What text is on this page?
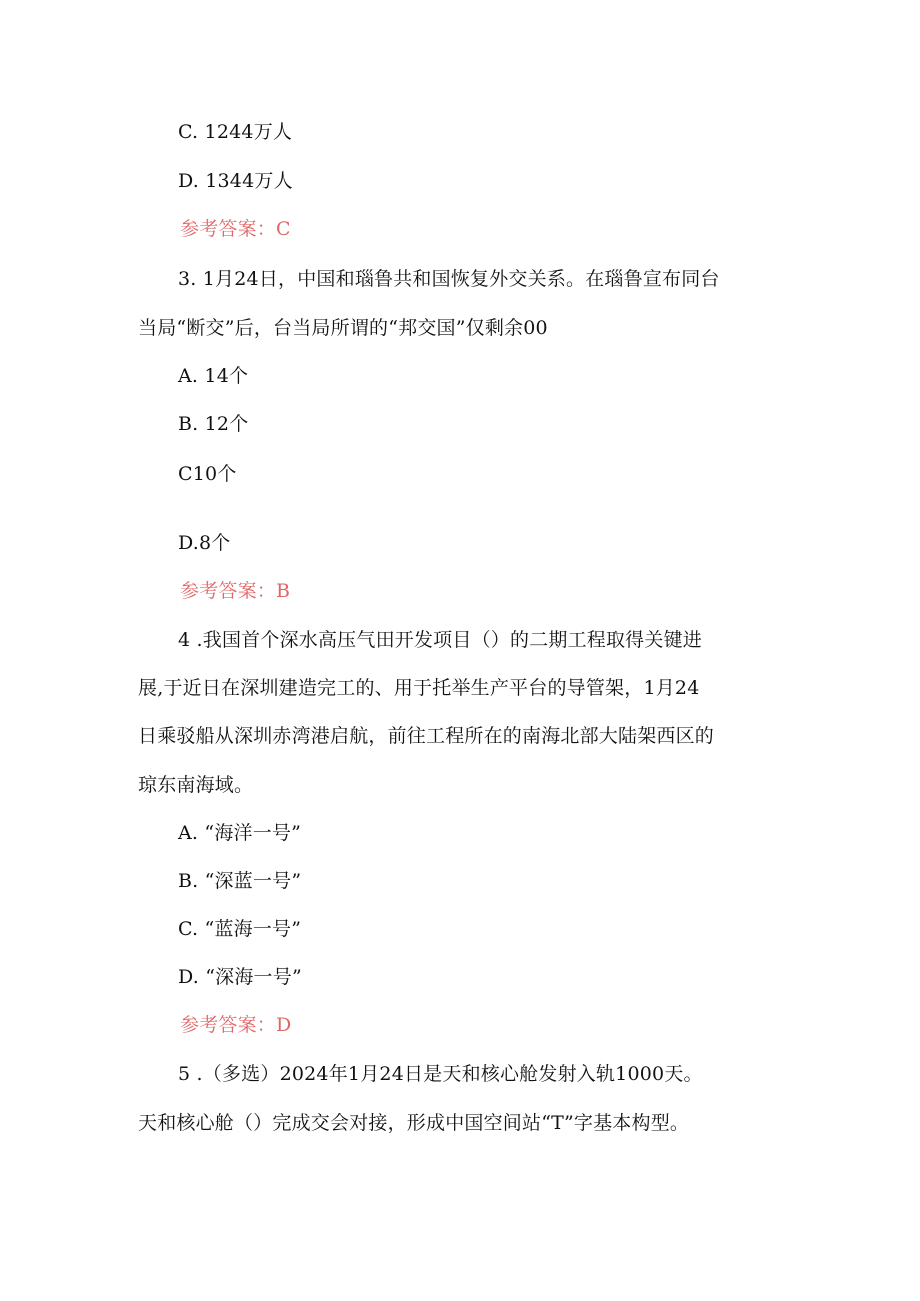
C. 1244万人
D. 1344万人
参考答案：C
3. 1月24日，中国和瑙鲁共和国恢复外交关系。在瑙鲁宣布同台
当局“断交”后，台当局所谓的“邦交国”仅剩余00
A. 14个
B. 12个
C10个
D.8个
参考答案：B
4 .我国首个深水高压气田开发项目（）的二期工程取得关键进
展,于近日在深圳建造完工的、用于托举生产平台的导管架，1月24
日乘驳船从深圳赤湾港启航，前往工程所在的南海北部大陆架西区的
琼东南海域。
A. “海洋一号”
B. “深蓝一号”
C. “蓝海一号”
D. “深海一号”
参考答案：D
5 .（多选）2024年1月24日是天和核心舱发射入轨1000天。
天和核心舱（）完成交会对接，形成中国空间站“T”字基本构型。
